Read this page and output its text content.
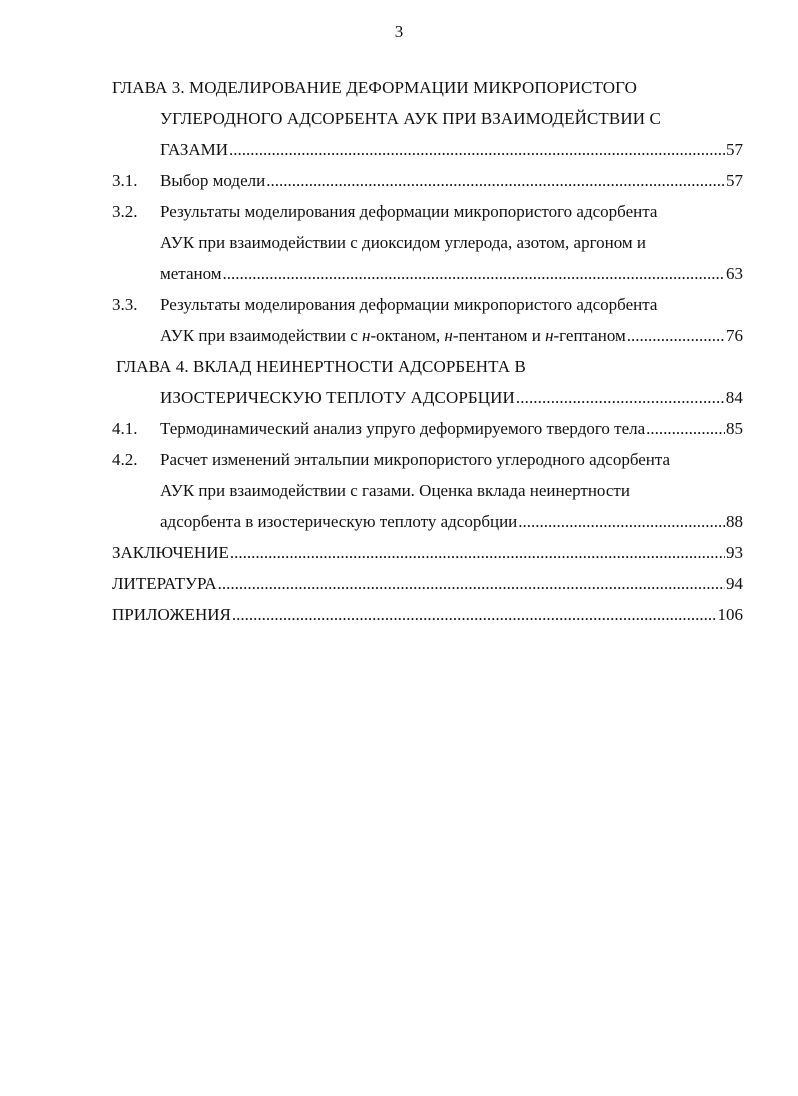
3
ГЛАВА 3. МОДЕЛИРОВАНИЕ ДЕФОРМАЦИИ МИКРОПОРИСТОГО
УГЛЕРОДНОГО АДСОРБЕНТА АУК ПРИ ВЗАИМОДЕЙСТВИИ С
ГАЗАМИ .....	57
3.1. Выбор модели .....	57
3.2. Результаты моделирования деформации микропористого адсорбента
АУК при взаимодействии с диоксидом углерода, азотом, аргоном и
метаном .....	63
3.3. Результаты моделирования деформации микропористого адсорбента
АУК при взаимодействии с н-октаном, н-пентаном и н-гептаном .....	76
ГЛАВА 4. ВКЛАД НЕИНЕРТНОСТИ АДСОРБЕНТА В
ИЗОСТЕРИЧЕСКУЮ ТЕПЛОТУ АДСОРБЦИИ .....	84
4.1. Термодинамический анализ упруго деформируемого твердого тела .....	85
4.2. Расчет изменений энтальпии микропористого углеродного адсорбента
АУК при взаимодействии с газами. Оценка вклада неинертности
адсорбента в изостерическую теплоту адсорбции .....	88
ЗАКЛЮЧЕНИЕ .....	93
ЛИТЕРАТУРА .....	94
ПРИЛОЖЕНИЯ .....	106
